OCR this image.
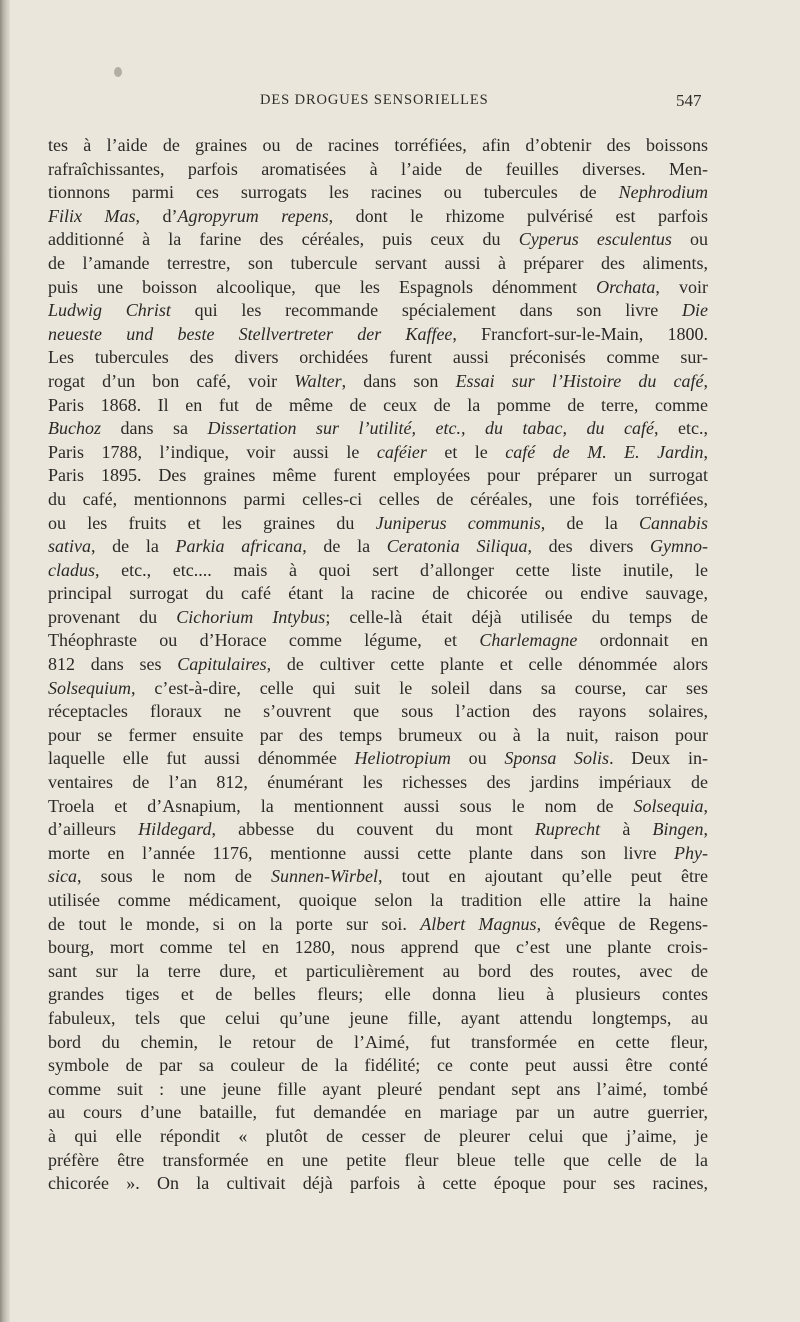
DES DROGUES SENSORIELLES	547
tes à l’aide de graines ou de racines torréfiées, afin d’obtenir des boissons
rafraîchissantes, parfois aromatisées à l’aide de feuilles diverses. Men-
tionnons parmi ces surrogats les racines ou tubercules de Nephrodium
Filix Mas, d’Agropyrum repens, dont le rhizome pulvérisé est parfois
additionné à la farine des céréales, puis ceux du Cyperus esculentus ou
de l’amande terrestre, son tubercule servant aussi à préparer des aliments,
puis une boisson alcoolique, que les Espagnols dénomment Orchata, voir
Ludwig Christ qui les recommande spécialement dans son livre Die
neueste und beste Stellvertreter der Kaffee, Francfort-sur-le-Main, 1800.
Les tubercules des divers orchidées furent aussi préconisés comme sur-
rogat d’un bon café, voir Walter, dans son Essai sur l’Histoire du café,
Paris 1868. Il en fut de même de ceux de la pomme de terre, comme
Buchoz dans sa Dissertation sur l’utilité, etc., du tabac, du café, etc.,
Paris 1788, l’indique, voir aussi le caféier et le café de M. E. Jardin,
Paris 1895. Des graines même furent employées pour préparer un surrogat
du café, mentionnons parmi celles-ci celles de céréales, une fois torréfiées,
ou les fruits et les graines du Juniperus communis, de la Cannabis
sativa, de la Parkia africana, de la Ceratonia Siliqua, des divers Gymno-
cladus, etc., etc.... mais à quoi sert d’allonger cette liste inutile, le
principal surrogat du café étant la racine de chicorée ou endive sauvage,
provenant du Cichorium Intybus; celle-là était déjà utilisée du temps de
Théophraste ou d’Horace comme légume, et Charlemagne ordonnait en
812 dans ses Capitulaires, de cultiver cette plante et celle dénommée alors
Solsequium, c’est-à-dire, celle qui suit le soleil dans sa course, car ses
réceptacles floraux ne s’ouvrent que sous l’action des rayons solaires,
pour se fermer ensuite par des temps brumeux ou à la nuit, raison pour
laquelle elle fut aussi dénommée Heliotropium ou Sponsa Solis. Deux in-
ventaires de l’an 812, énumérant les richesses des jardins impériaux de
Troela et d’Asnapium, la mentionnent aussi sous le nom de Solsequia,
d’ailleurs Hildegard, abbesse du couvent du mont Ruprecht à Bingen,
morte en l’année 1176, mentionne aussi cette plante dans son livre Phy-
sica, sous le nom de Sunnen-Wirbel, tout en ajoutant qu’elle peut être
utilisée comme médicament, quoique selon la tradition elle attire la haine
de tout le monde, si on la porte sur soi. Albert Magnus, évêque de Regens-
bourg, mort comme tel en 1280, nous apprend que c’est une plante crois-
sant sur la terre dure, et particulièrement au bord des routes, avec de
grandes tiges et de belles fleurs; elle donna lieu à plusieurs contes
fabuleux, tels que celui qu’une jeune fille, ayant attendu longtemps, au
bord du chemin, le retour de l’Aimé, fut transformée en cette fleur,
symbole de par sa couleur de la fidélité; ce conte peut aussi être conté
comme suit : une jeune fille ayant pleuré pendant sept ans l’aimé, tombé
au cours d’une bataille, fut demandée en mariage par un autre guerrier,
à qui elle répondit « plutôt de cesser de pleurer celui que j’aime, je
préfère être transformée en une petite fleur bleue telle que celle de la
chicorée ». On la cultivait déjà parfois à cette époque pour ses racines,
